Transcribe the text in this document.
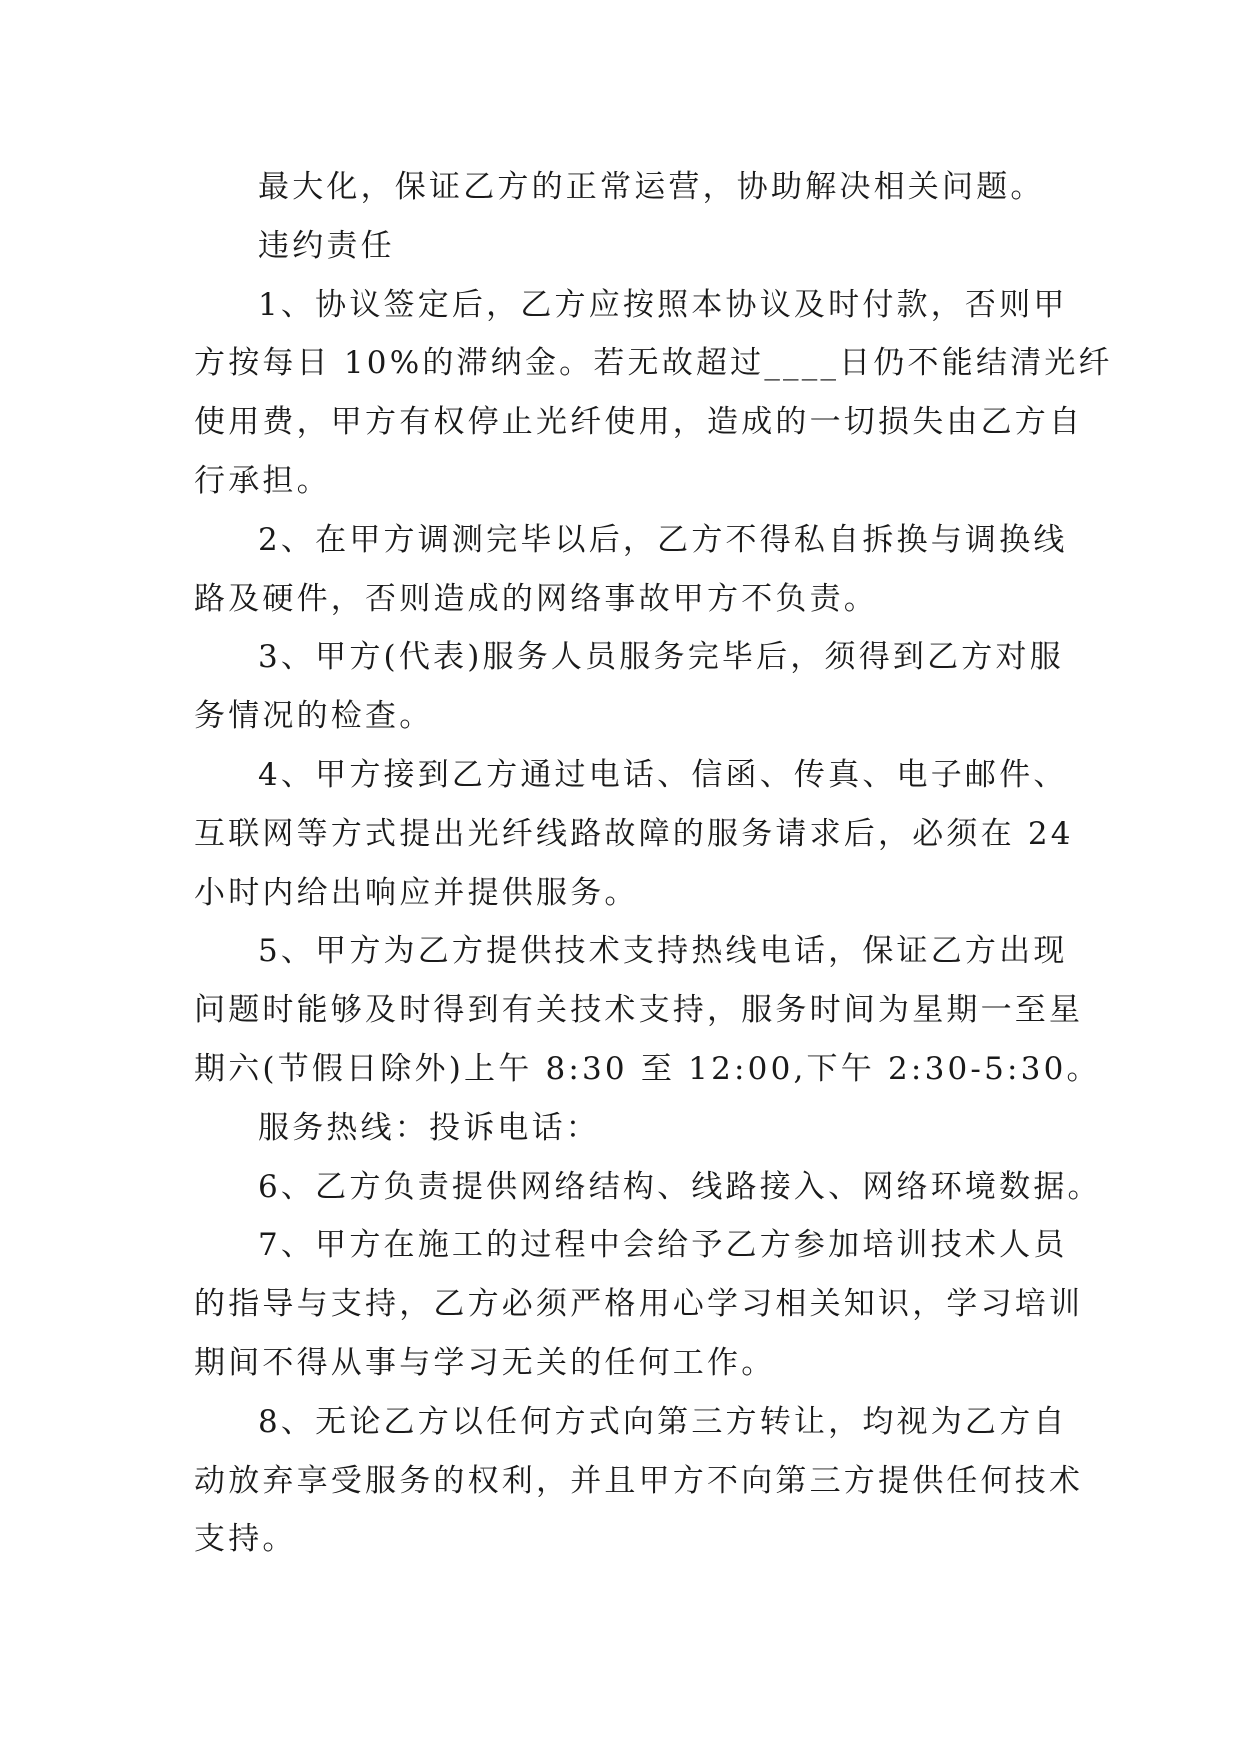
最大化，保证乙方的正常运营，协助解决相关问题。

违约责任

1、协议签定后，乙方应按照本协议及时付款，否则甲
方按每日 10%的滞纳金。若无故超过____日仍不能结清光纤
使用费，甲方有权停止光纤使用，造成的一切损失由乙方自
行承担。

2、在甲方调测完毕以后，乙方不得私自拆换与调换线
路及硬件，否则造成的网络事故甲方不负责。

3、甲方(代表)服务人员服务完毕后，须得到乙方对服
务情况的检查。

4、甲方接到乙方通过电话、信函、传真、电子邮件、
互联网等方式提出光纤线路故障的服务请求后，必须在 24
小时内给出响应并提供服务。

5、甲方为乙方提供技术支持热线电话，保证乙方出现
问题时能够及时得到有关技术支持，服务时间为星期一至星
期六(节假日除外)上午 8:30 至 12:00,下午 2:30-5:30。

服务热线：投诉电话：

6、乙方负责提供网络结构、线路接入、网络环境数据。

7、甲方在施工的过程中会给予乙方参加培训技术人员
的指导与支持，乙方必须严格用心学习相关知识，学习培训
期间不得从事与学习无关的任何工作。

8、无论乙方以任何方式向第三方转让，均视为乙方自
动放弃享受服务的权利，并且甲方不向第三方提供任何技术
支持。
